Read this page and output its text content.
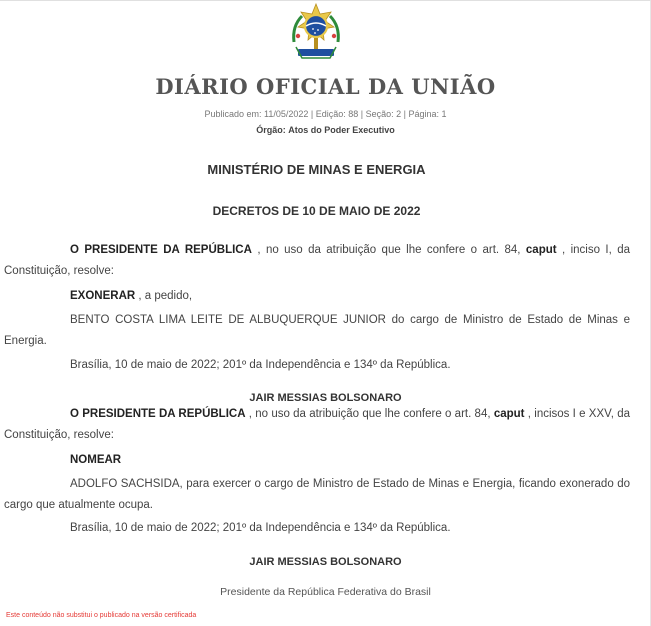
DIÁRIO OFICIAL DA UNIÃO
Publicado em: 11/05/2022 | Edição: 88 | Seção: 2 | Página: 1
Órgão: Atos do Poder Executivo
MINISTÉRIO DE MINAS E ENERGIA
DECRETOS DE 10 DE MAIO DE 2022
O PRESIDENTE DA REPÚBLICA , no uso da atribuição que lhe confere o art. 84, caput , inciso I, da Constituição, resolve:
EXONERAR , a pedido,
BENTO COSTA LIMA LEITE DE ALBUQUERQUE JUNIOR do cargo de Ministro de Estado de Minas e Energia.
Brasília, 10 de maio de 2022; 201º da Independência e 134º da República.
JAIR MESSIAS BOLSONARO
O PRESIDENTE DA REPÚBLICA , no uso da atribuição que lhe confere o art. 84, caput , incisos I e XXV, da Constituição, resolve:
NOMEAR
ADOLFO SACHSIDA, para exercer o cargo de Ministro de Estado de Minas e Energia, ficando exonerado do cargo que atualmente ocupa.
Brasília, 10 de maio de 2022; 201º da Independência e 134º da República.
JAIR MESSIAS BOLSONARO
Presidente da República Federativa do Brasil
Este conteúdo não substitui o publicado na versão certificada
